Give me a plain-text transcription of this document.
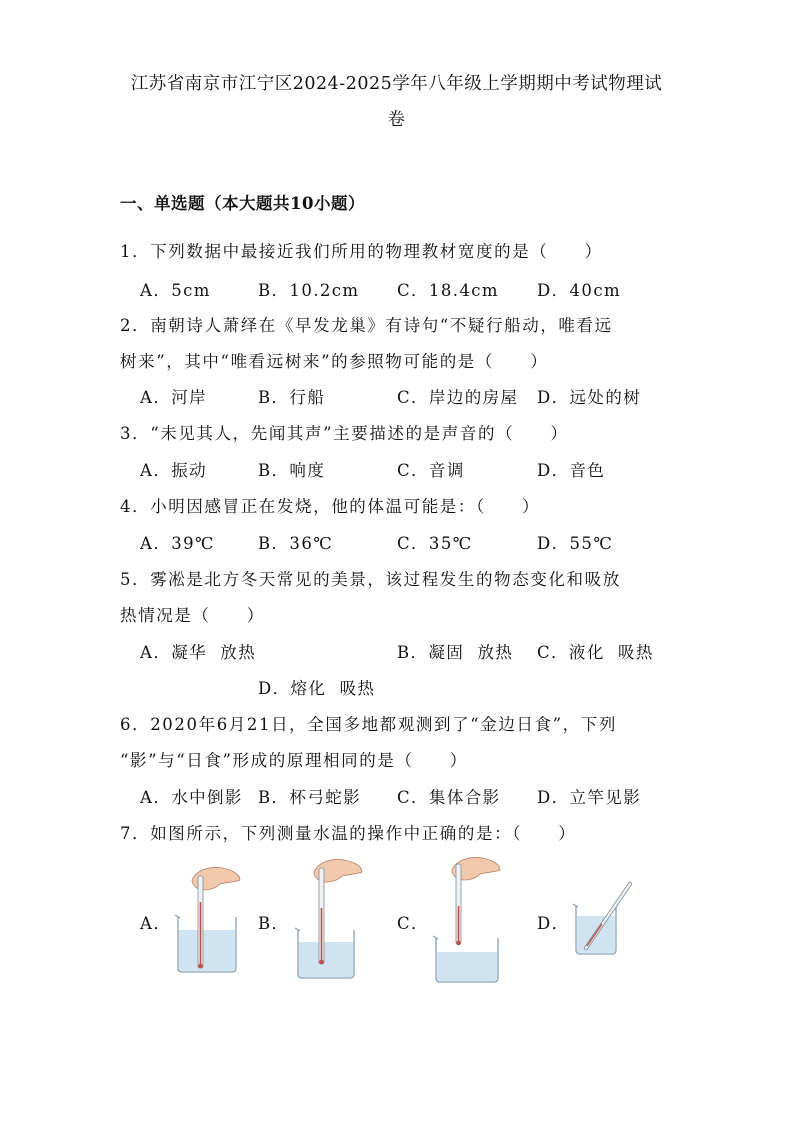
江苏省南京市江宁区2024-2025学年八年级上学期期中考试物理试
卷
一、单选题（本大题共10小题）
1．下列数据中最接近我们所用的物理教材宽度的是（　　）
A．5cm	B．10.2cm C．18.4cm D．40cm
2．南朝诗人萧绎在《早发龙巢》有诗句“不疑行船动，唯看远
树来”，其中“唯看远树来”的参照物可能的是（　　）
A．河岸	B．行船	C．岸边的房屋 D．远处的树
3．“未见其人，先闻其声”主要描述的是声音的（　　）
A．振动	B．响度	C．音调	D．音色
4．小明因感冒正在发烧，他的体温可能是：（　　）
A．39℃	B．36℃	C．35℃	D．55℃
5．雾凇是北方冬天常见的美景，该过程发生的物态变化和吸放
热情况是（　　）
A．凝华  放热	B．凝固  放热 C．液化  吸热
D．熔化  吸热
6．2020年6月21日，全国多地都观测到了“金边日食”，下列
“影”与“日食”形成的原理相同的是（　　）
A．水中倒影 B．杯弓蛇影 C．集体合影 D．立竿见影
7．如图所示，下列测量水温的操作中正确的是：（　　）
A．	B．	C．	D．
